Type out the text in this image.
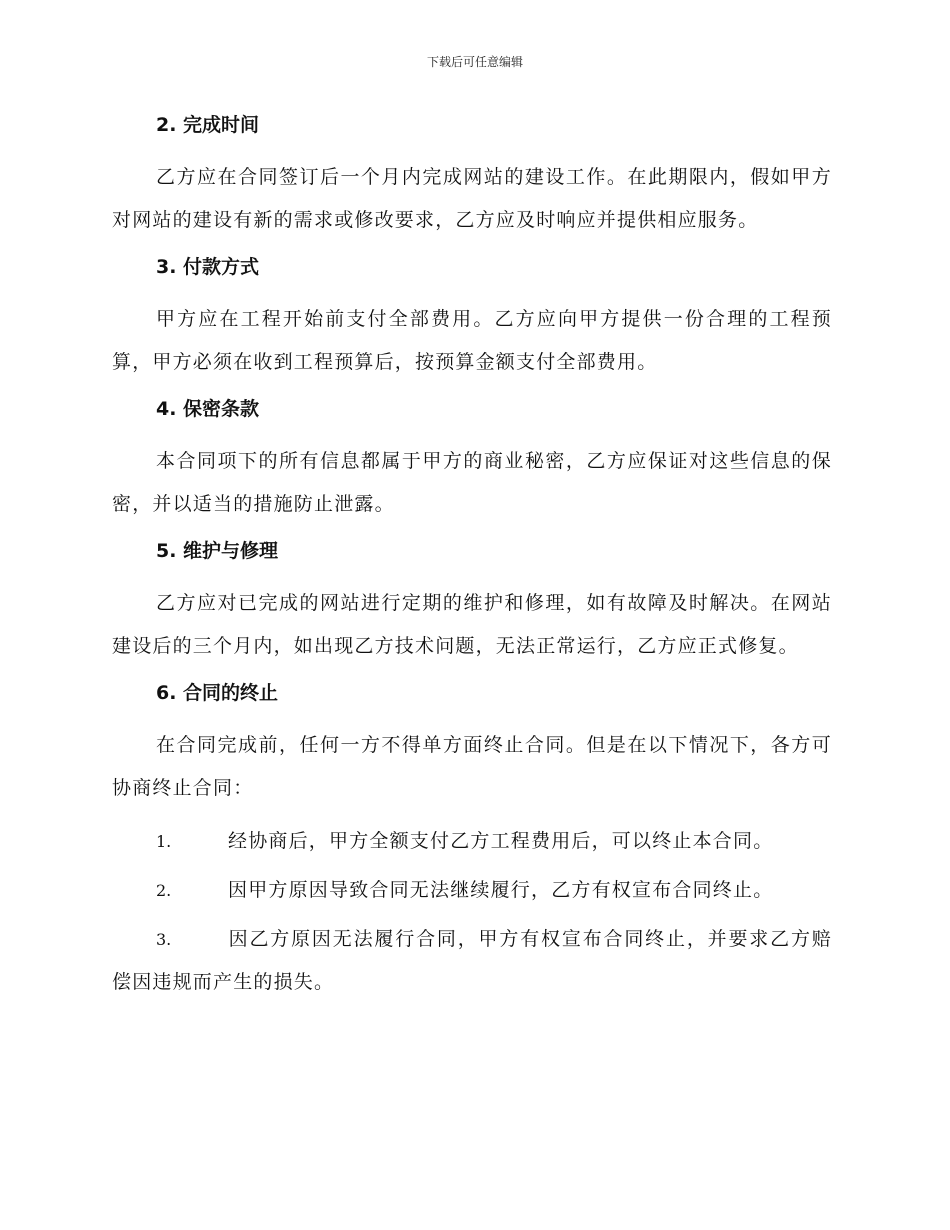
下载后可任意编辑
2. 完成时间

乙方应在合同签订后一个月内完成网站的建设工作。在此期限内，假如甲方对网站的建设有新的需求或修改要求，乙方应及时响应并提供相应服务。

3. 付款方式

甲方应在工程开始前支付全部费用。乙方应向甲方提供一份合理的工程预算，甲方必须在收到工程预算后，按预算金额支付全部费用。

4. 保密条款

本合同项下的所有信息都属于甲方的商业秘密，乙方应保证对这些信息的保密，并以适当的措施防止泄露。

5. 维护与修理

乙方应对已完成的网站进行定期的维护和修理，如有故障及时解决。在网站建设后的三个月内，如出现乙方技术问题，无法正常运行，乙方应正式修复。

6. 合同的终止

在合同完成前，任何一方不得单方面终止合同。但是在以下情况下，各方可协商终止合同：

1.	经协商后，甲方全额支付乙方工程费用后，可以终止本合同。
2.	因甲方原因导致合同无法继续履行，乙方有权宣布合同终止。
3.	因乙方原因无法履行合同，甲方有权宣布合同终止，并要求乙方赔偿因违规而产生的损失。
